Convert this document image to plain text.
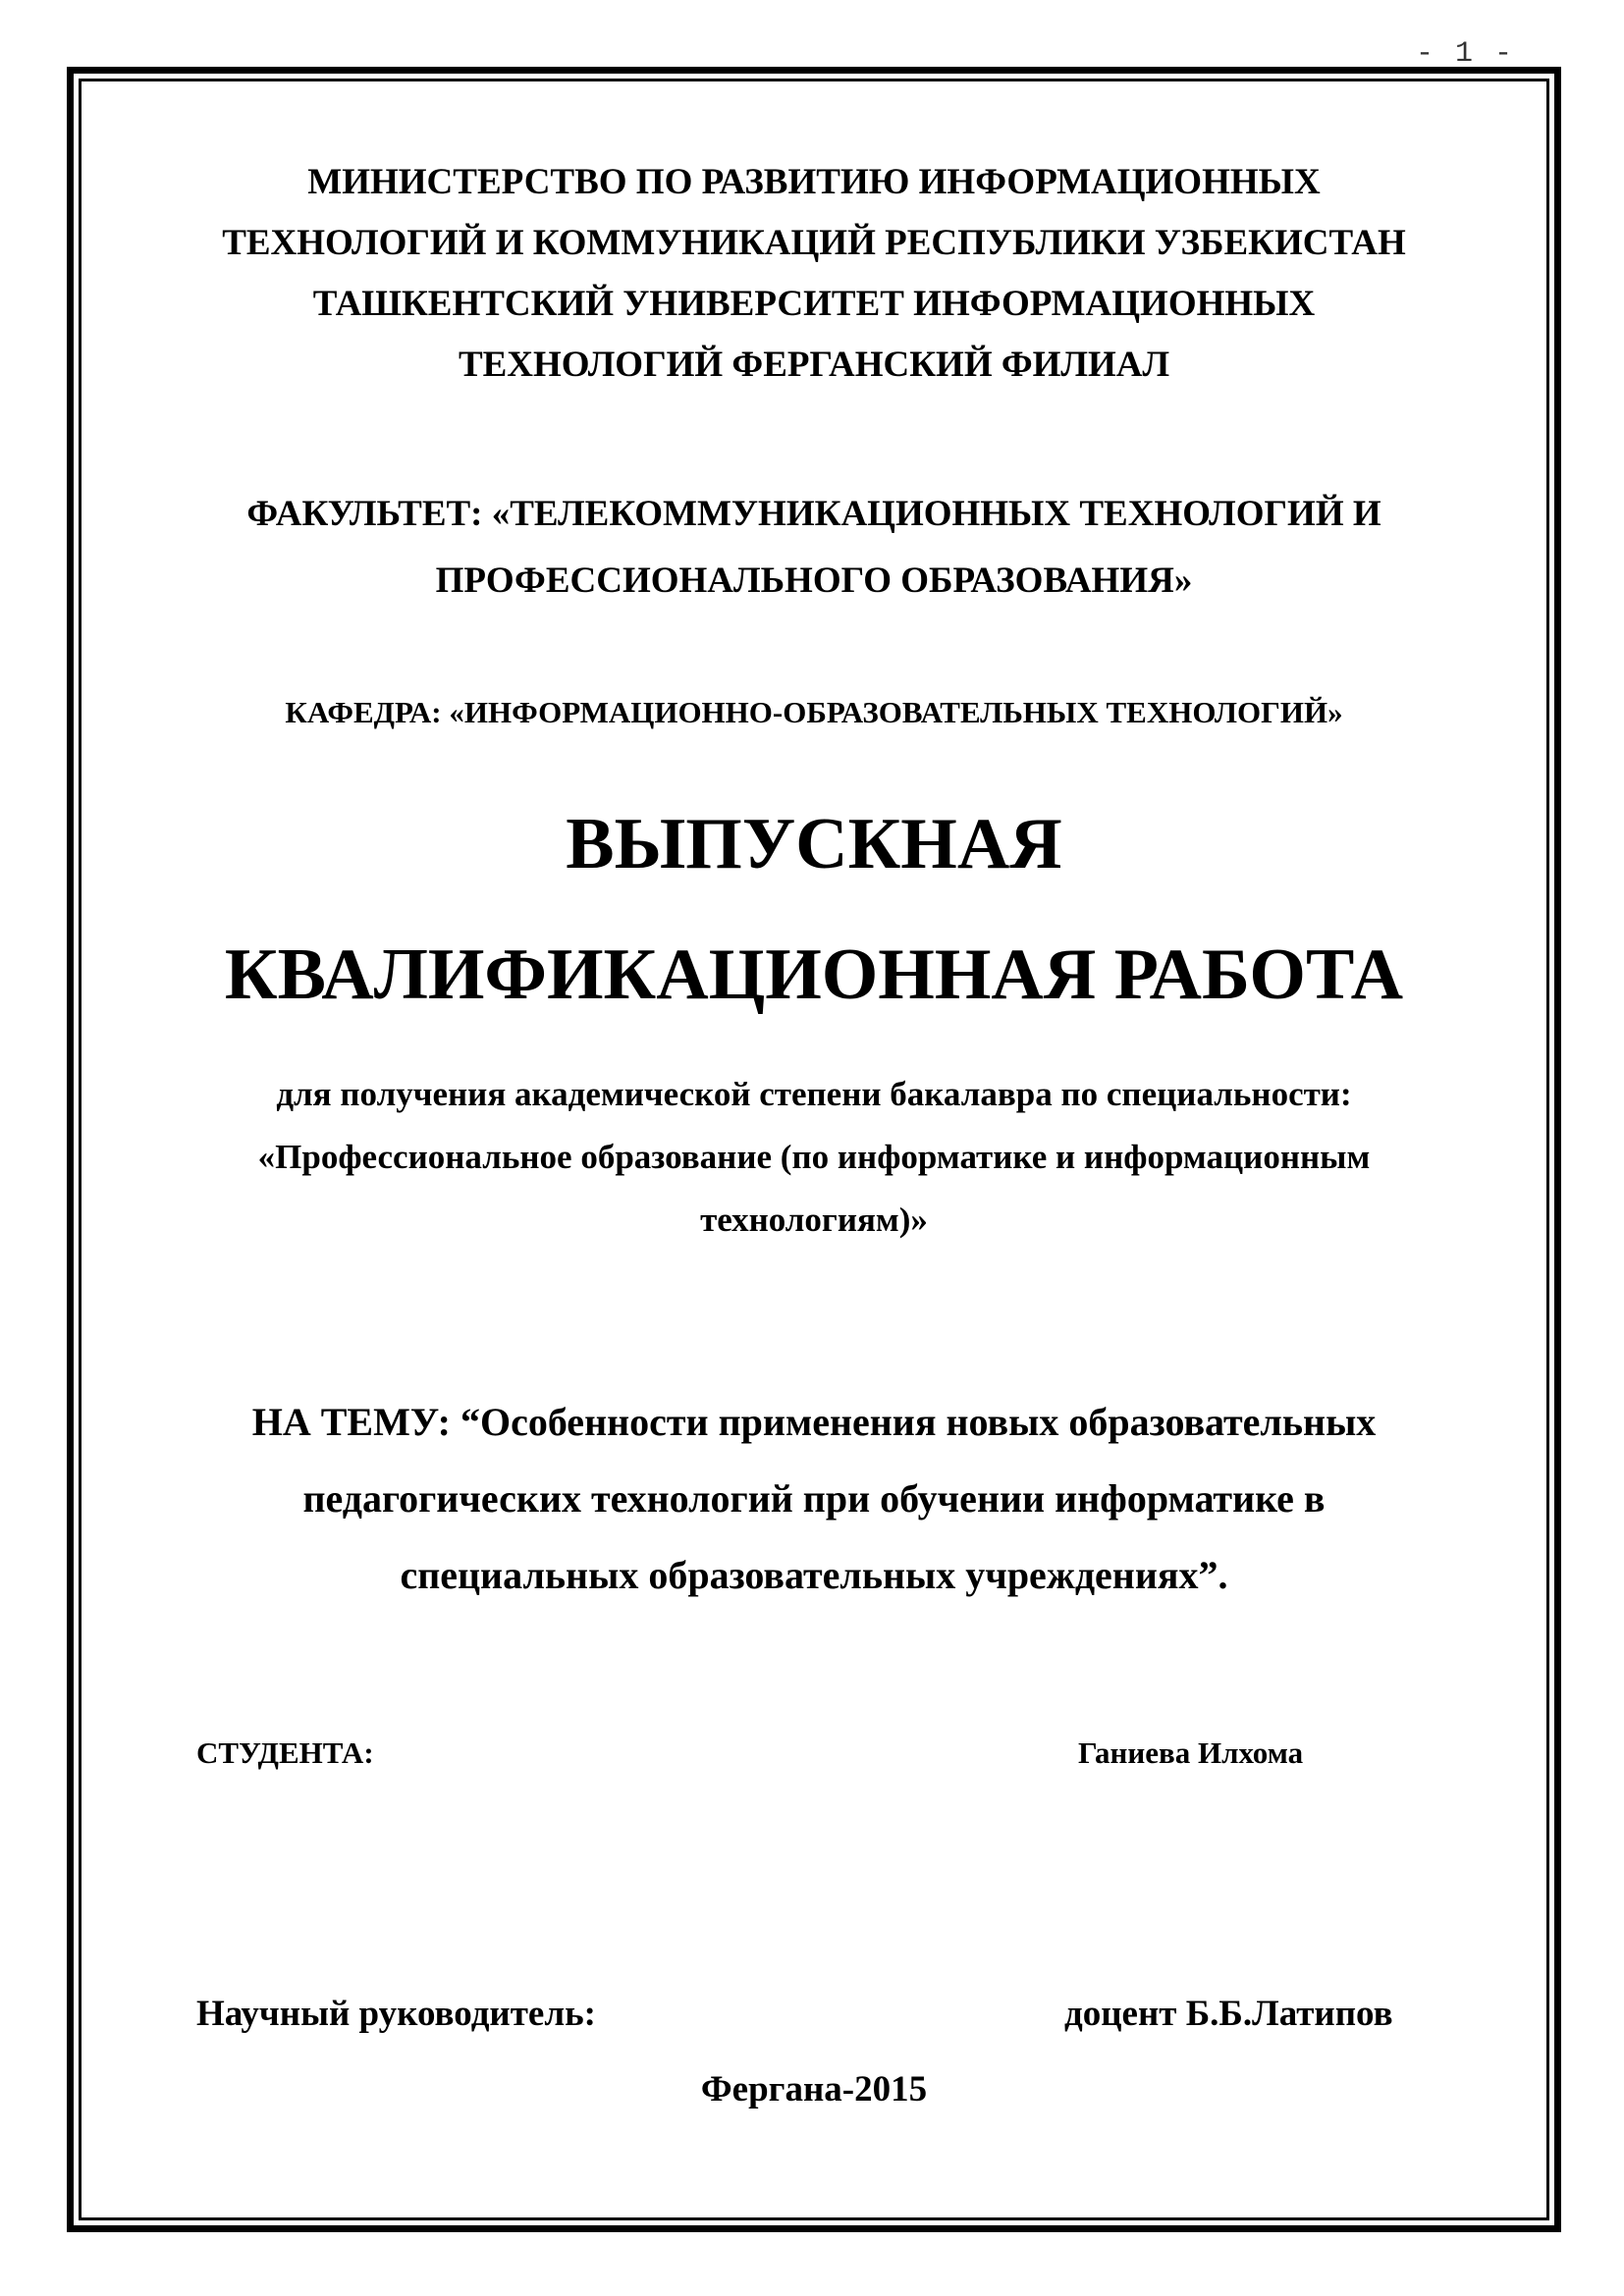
- 1 -
МИНИСТЕРСТВО ПО РАЗВИТИЮ ИНФОРМАЦИОННЫХ
ТЕХНОЛОГИЙ И КОММУНИКАЦИЙ РЕСПУБЛИКИ УЗБЕКИСТАН
ТАШКЕНТСКИЙ УНИВЕРСИТЕТ ИНФОРМАЦИОННЫХ
ТЕХНОЛОГИЙ ФЕРГАНСКИЙ ФИЛИАЛ
ФАКУЛЬТЕТ: «ТЕЛЕКОММУНИКАЦИОННЫХ ТЕХНОЛОГИЙ И
ПРОФЕССИОНАЛЬНОГО ОБРАЗОВАНИЯ»
КАФЕДРА: «ИНФОРМАЦИОННО-ОБРАЗОВАТЕЛЬНЫХ ТЕХНОЛОГИЙ»
ВЫПУСКНАЯ
КВАЛИФИКАЦИОННАЯ РАБОТА
для получения академической степени бакалавра по специальности:
«Профессиональное образование (по информатике и информационным
технологиям)»
НА ТЕМУ: “Особенности применения новых образовательных
педагогических технологий при обучении информатике в
специальных образовательных учреждениях”.
СТУДЕНТА:	Ганиева Илхома
Научный руководитель:	доцент Б.Б.Латипов
Фергана-2015
